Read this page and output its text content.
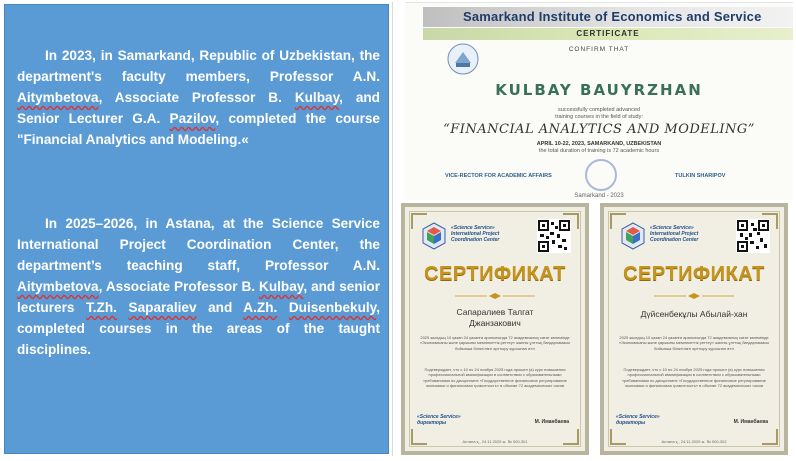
In 2023, in Samarkand, Republic of Uzbekistan, the department's faculty members, Professor A.N. Aitymbetova, Associate Professor B. Kulbay, and Senior Lecturer G.A. Pazilov, completed the course "Financial Analytics and Modeling.«

In 2025–2026, in Astana, at the Science Service International Project Coordination Center, the department’s teaching staff, Professor A.N. Aitymbetova, Associate Professor B. Kulbay, and senior lecturers T.Zh. Saparaliev and A.Zh. Duisenbekuly, completed courses in the areas of the taught disciplines.

Samarkand Institute of Economics and Service
CERTIFICATE
CONFIRM THAT
KULBAY BAUYRZHAN
successfully completed advanced
training courses in the field of study:
“FINANCIAL ANALYTICS AND MODELING”
APRIL 10-22, 2023, SAMARKAND, UZBEKISTAN
the total duration of training is 72 academic hours
VICE-RECTOR FOR ACADEMIC AFFAIRS	TULKIN SHARIPOV
Samarkand - 2023
«Science Service»
International Project
Coordination Center
СЕРТИФИКАТ
Сапаралиев Талгат
Джанзакович
2025 жылдың 10 қазан 24 қазанға аралығында 72 академиялық сағат көлемінде «Экономиканы және қаржыны мемлекеттік реттеу» жалпы ұлттық бағдарламасы бойынша біліктілікті арттыру курсынан өтті
Подтверждает, что с 10 по 24 ноября 2025 года прошел (а) курс повышения профессиональной квалификации в соответствии с образовательными требованиями по дисциплине «Государственное финансовое регулирование экономики и финансовая грамотность» в объеме 72 академических часов
«Science Service»
директоры	М. Иманбаева
Астана қ., 24.11.2025 ж. № 000-301
«Science Service»
International Project
Coordination Center
СЕРТИФИКАТ
Дүйсенбекұлы Абылай-хан
2025 жылдың 10 қазан 24 қазанға аралығында 72 академиялық сағат көлемінде «Экономиканы және қаржыны мемлекеттік реттеу» жалпы ұлттық бағдарламасы бойынша біліктілікті арттыру курсынан өтті
Подтверждает, что с 10 по 24 ноября 2025 года прошел (а) курс повышения профессиональной квалификации в соответствии с образовательными требованиями по дисциплине «Государственное финансовое регулирование экономики и финансовая грамотность» в объеме 72 академических часов
«Science Service»
директоры	М. Иманбаева
Астана қ., 24.11.2025 ж. № 000-302
